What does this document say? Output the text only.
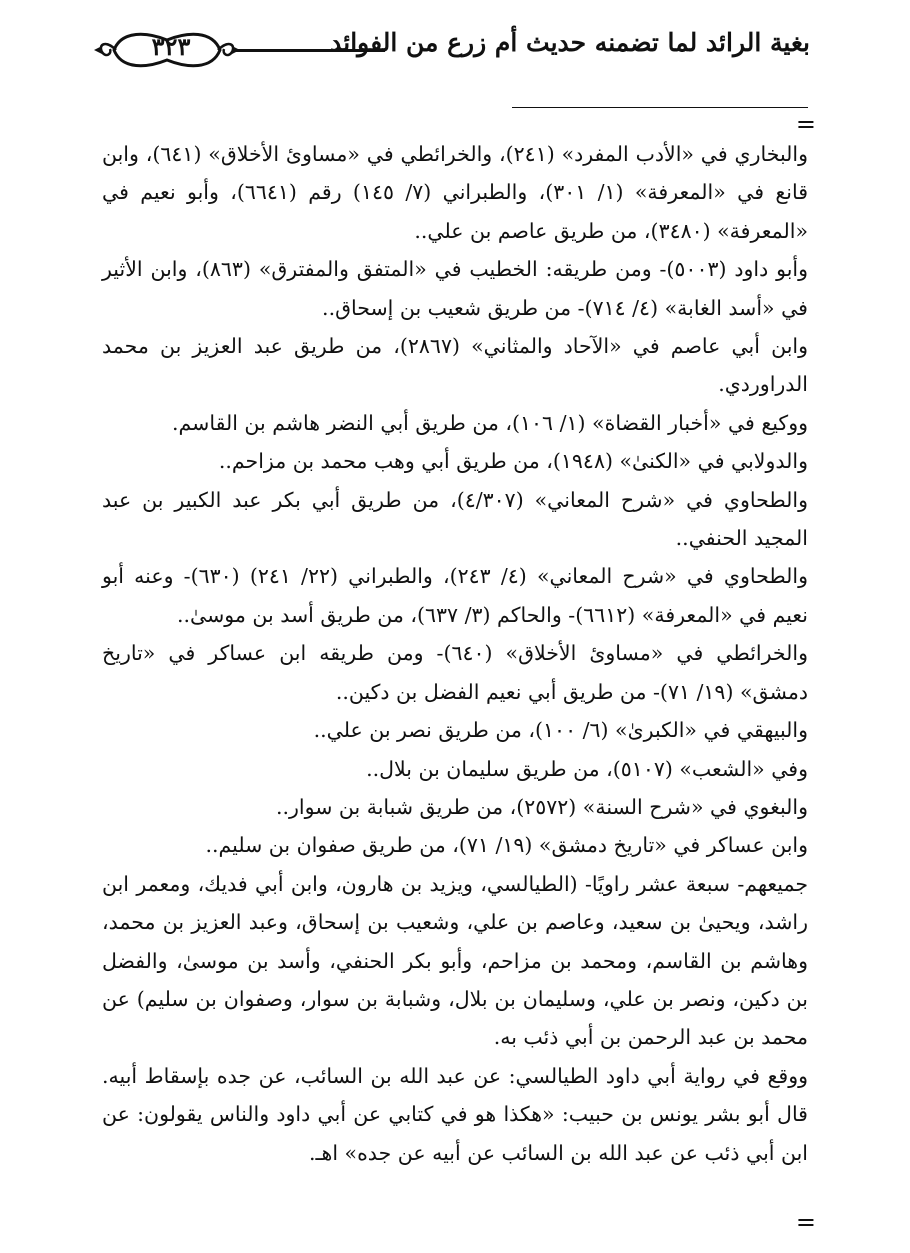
بغية الرائد لما تضمنه حديث أم زرع من الفوائد
٣٢٣
=

والبخاري في «الأدب المفرد» (٢٤١)، والخرائطي في «مساوئ الأخلاق» (٦٤١)، وابن قانع في «المعرفة» (١/ ٣٠١)، والطبراني (٧/ ١٤٥) رقم (٦٦٤١)، وأبو نعيم في «المعرفة» (٣٤٨٠)، من طريق عاصم بن علي..

وأبو داود (٥٠٠٣)- ومن طريقه: الخطيب في «المتفق والمفترق» (٨٦٣)، وابن الأثير في «أسد الغابة» (٤/ ٧١٤)- من طريق شعيب بن إسحاق..

وابن أبي عاصم في «الآحاد والمثاني» (٢٨٦٧)، من طريق عبد العزيز بن محمد الدراوردي.

ووكيع في «أخبار القضاة» (١/ ١٠٦)، من طريق أبي النضر هاشم بن القاسم.

والدولابي في «الكنىٰ» (١٩٤٨)، من طريق أبي وهب محمد بن مزاحم..

والطحاوي في «شرح المعاني» (٤/٣٠٧)، من طريق أبي بكر عبد الكبير بن عبد المجيد الحنفي..

والطحاوي في «شرح المعاني» (٤/ ٢٤٣)، والطبراني (٢٢/ ٢٤١) (٦٣٠)- وعنه أبو نعيم في «المعرفة» (٦٦١٢)- والحاكم (٣/ ٦٣٧)، من طريق أسد بن موسىٰ..

والخرائطي في «مساوئ الأخلاق» (٦٤٠)- ومن طريقه ابن عساكر في «تاريخ دمشق» (١٩/ ٧١)- من طريق أبي نعيم الفضل بن دكين..

والبيهقي في «الكبرىٰ» (٦/ ١٠٠)، من طريق نصر بن علي..

وفي «الشعب» (٥١٠٧)، من طريق سليمان بن بلال..

والبغوي في «شرح السنة» (٢٥٧٢)، من طريق شبابة بن سوار..

وابن عساكر في «تاريخ دمشق» (١٩/ ٧١)، من طريق صفوان بن سليم..

جميعهم- سبعة عشر راويًا- (الطيالسي، ويزيد بن هارون، وابن أبي فديك، ومعمر ابن راشد، ويحيىٰ بن سعيد، وعاصم بن علي، وشعيب بن إسحاق، وعبد العزيز بن محمد، وهاشم بن القاسم، ومحمد بن مزاحم، وأبو بكر الحنفي، وأسد بن موسىٰ، والفضل بن دكين، ونصر بن علي، وسليمان بن بلال، وشبابة بن سوار، وصفوان بن سليم) عن محمد بن عبد الرحمن بن أبي ذئب به.

ووقع في رواية أبي داود الطيالسي: عن عبد الله بن السائب، عن جده بإسقاط أبيه. قال أبو بشر يونس بن حبيب: «هكذا هو في كتابي عن أبي داود والناس يقولون: عن ابن أبي ذئب عن عبد الله بن السائب عن أبيه عن جده» اهـ.

=
